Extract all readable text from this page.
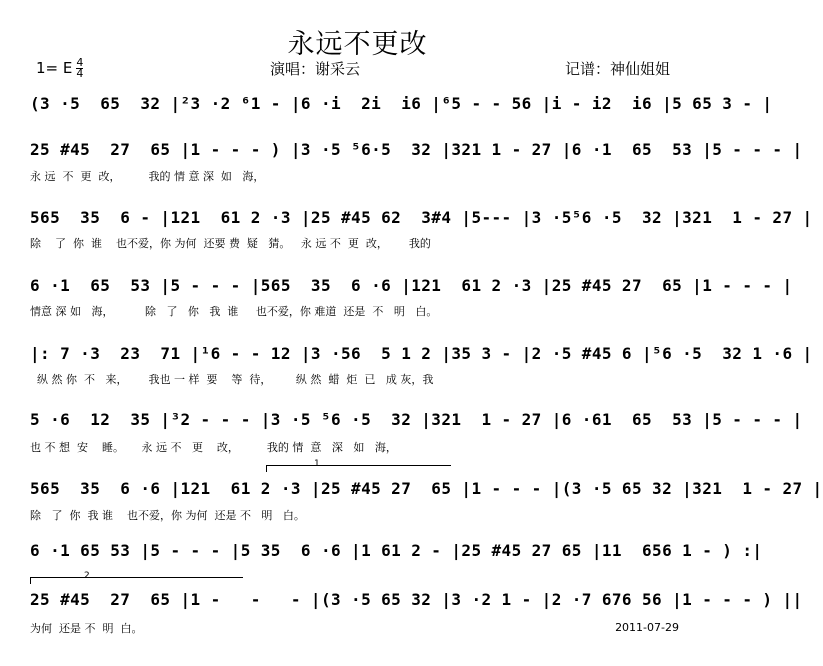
永远不更改
1= E $\frac{4}{4}$	演唱：谢采云	记谱：神仙姐姐
(3 ·5  65  32 |²3 ·2 ⁶1 - |6 ·i  2i  i6 |⁶5 - - 56 |i - i2  i6 |5 65 3 - |
25 #45  27  65 |1 - - - ) |3 ·5 ⁵6·5  32 |321 1 - 27 |6 ·1  65  53 |5 - - - |
永 远  不  更  改，        我的 情 意 深  如   海，
565  35  6 - |121  61 2 ·3 |25 #45 62  3#4 |5--- |3 ·5⁵6 ·5  32 |321  1 - 27 |
除    了  你  谁    也不爱，你 为何  还要 费  疑   猜。   永 远 不  更  改，      我的
6 ·1  65  53 |5 - - - |565  35  6 ·6 |121  61 2 ·3 |25 #45 27  65 |1 - - - |
情意 深 如   海，         除   了   你   我  谁     也不爱，你 难道  还是  不   明   白。
|: 7 ·3  23  71 |¹6 - - 12 |3 ·56  5 1 2 |35 3 - |2 ·5 #45 6 |⁵6 ·5  32 1 ·6 |
纵 然 你  不   来，      我也 一 样  要    等  待，       纵 然  蜡  炬  已   成 灰，我
5 ·6  12  35 |³2 - - - |3 ·5 ⁵6 ·5  32 |321  1 - 27 |6 ·61  65  53 |5 - - - |
也 不 想  安    睡。     永 远 不   更    改，        我的 情  意   深   如   海，
1
565  35  6 ·6 |121  61 2 ·3 |25 #45 27  65 |1 - - - |(3 ·5 65 32 |321  1 - 27 |
除   了  你  我 谁    也不爱，你 为何  还是 不   明   白。
6 ·1 65 53 |5 - - - |5 35  6 ·6 |1 61 2 - |25 #45 27 65 |11  656 1 - ) :|
2
25 #45  27  65 |1 -   -   - |(3 ·5 65 32 |3 ·2 1 - |2 ·7 676 56 |1 - - - ) ||
为何  还是 不  明  白。	2011-07-29
